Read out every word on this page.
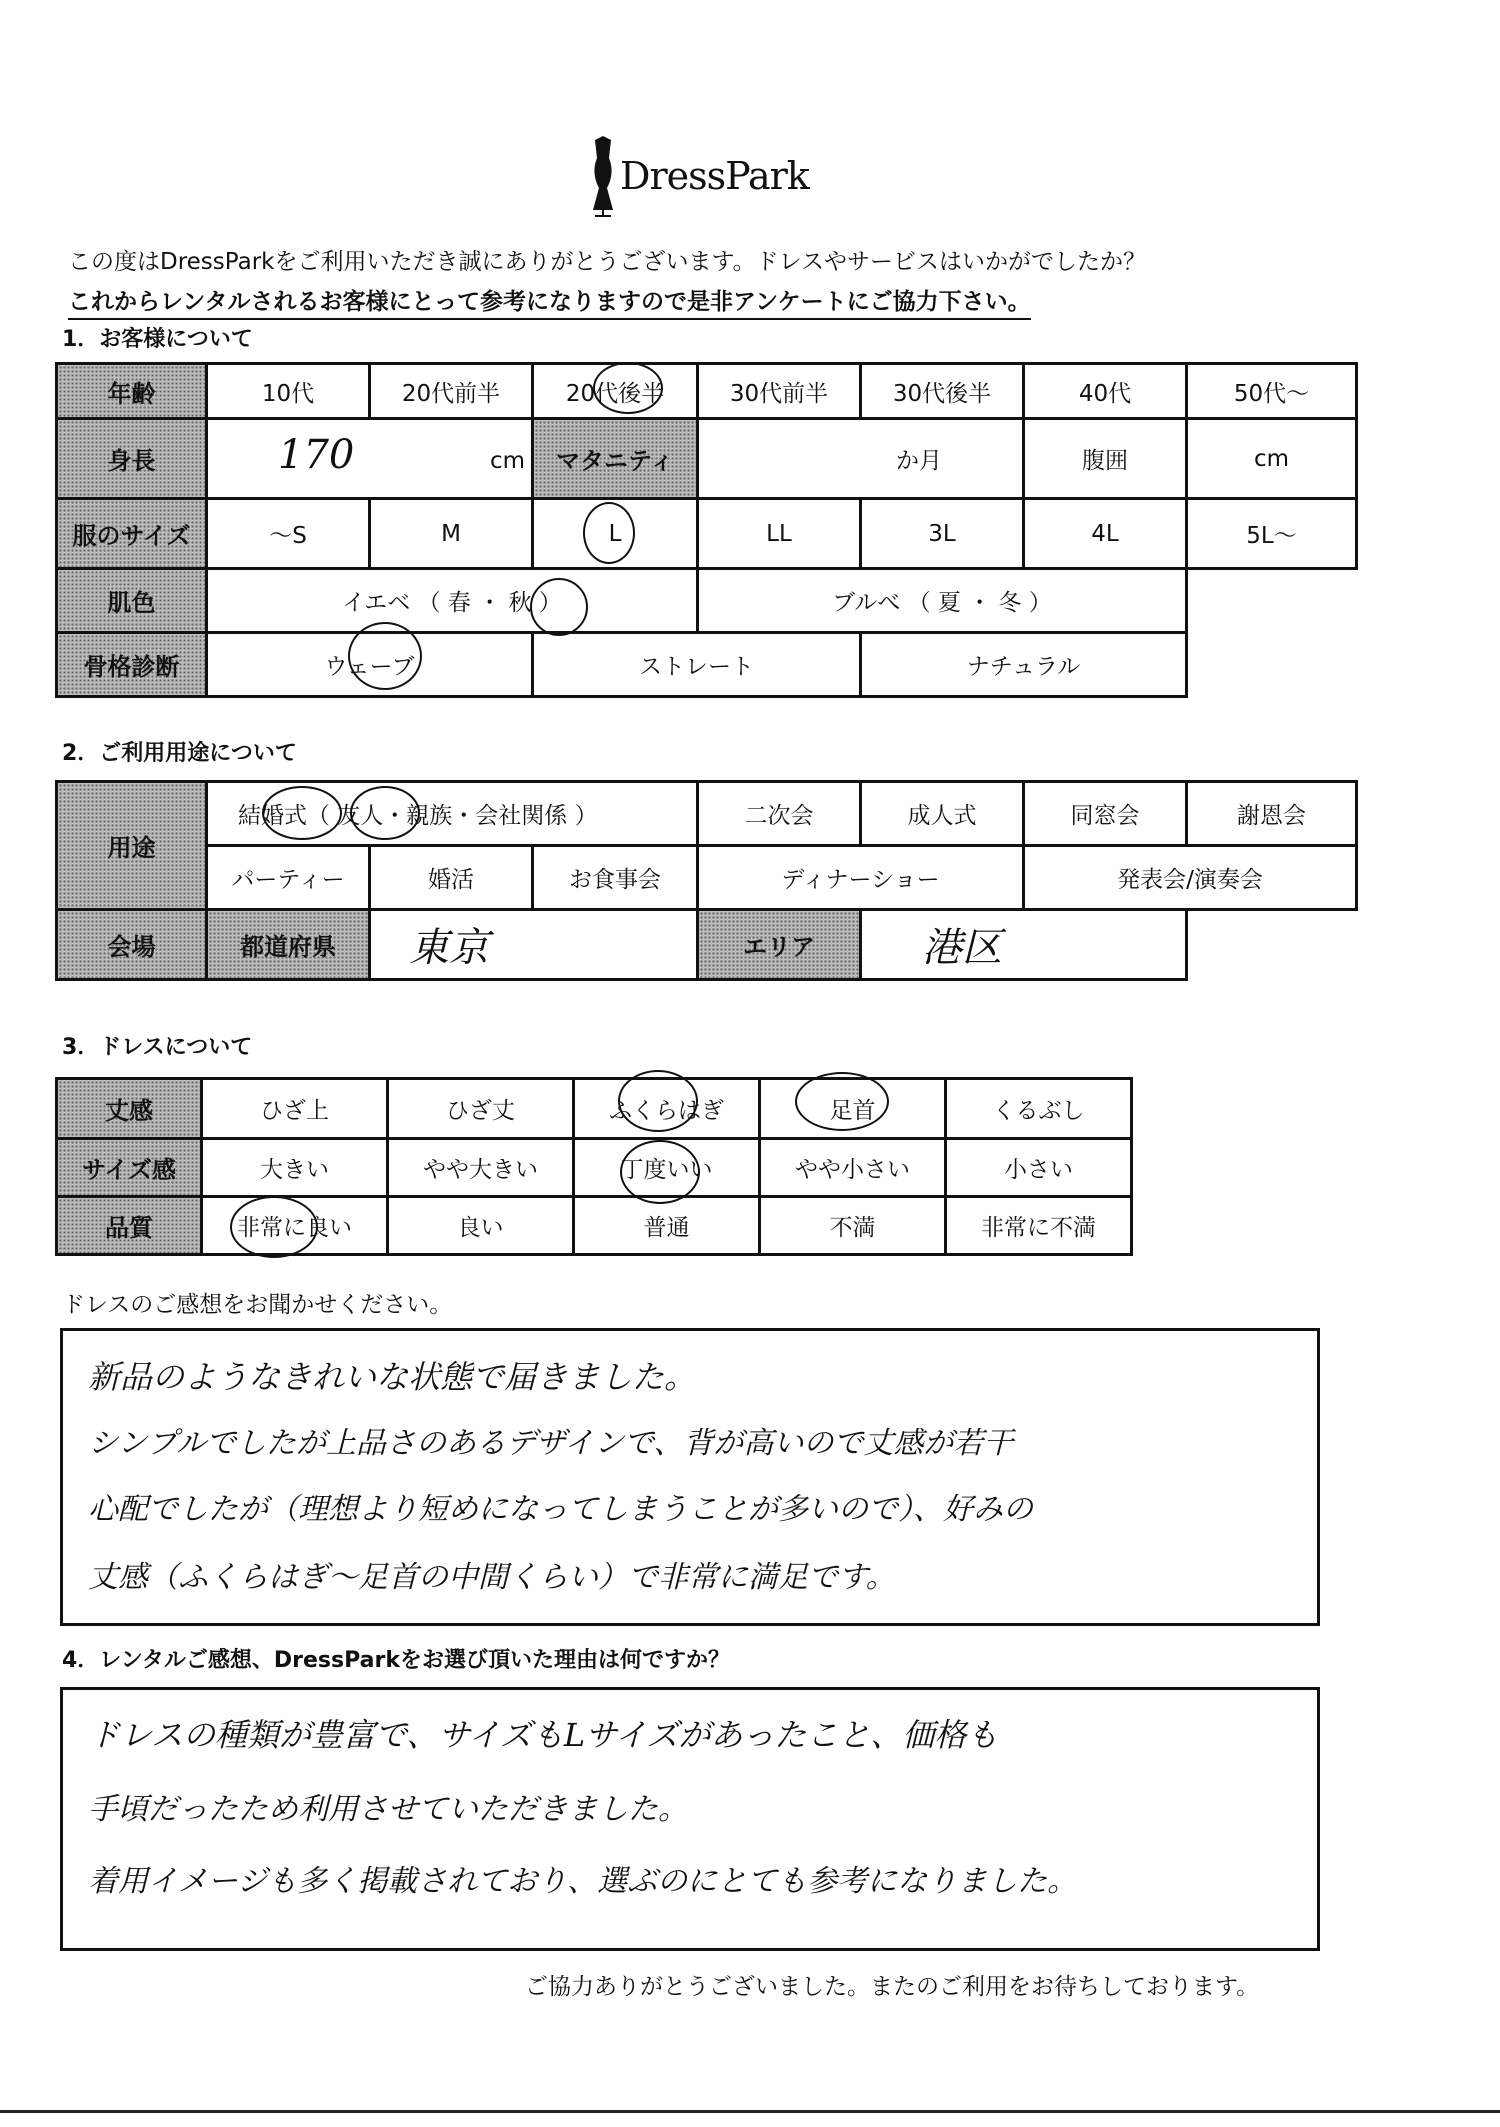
DressPark
この度はDressParkをご利用いただき誠にありがとうございます。ドレスやサービスはいかがでしたか？
これからレンタルされるお客様にとって参考になりますので是非アンケートにご協力下さい。
1．お客様について
年齢	10代	20代前半	20代後半	30代前半	30代後半	40代	50代～
身長	170 cm		マタニティ	か月		腹囲	cm
服のサイズ	～S	M	L	LL	3L	4L	5L～
肌色	イエベ （ 春 ・ 秋 ）			ブルべ （ 夏 ・ 冬 ）			
骨格診断	ウェーブ		ストレート		ナチュラル		
2．ご利用用途について
用途	結婚式（ 友人・親族・会社関係 ）			二次会	成人式	同窓会	謝恩会
	パーティー	婚活	お食事会	ディナーショー		発表会/演奏会	
会場	都道府県	東京		エリア	港区		
3．ドレスについて
丈感	ひざ上	ひざ丈	ふくらはぎ	足首	くるぶし
サイズ感	大きい	やや大きい	丁度いい	やや小さい	小さい
品質	非常に良い	良い	普通	不満	非常に不満
ドレスのご感想をお聞かせください。
新品のようなきれいな状態で届きました。
シンプルでしたが上品さのあるデザインで、背が高いので丈感が若干
心配でしたが（理想より短めになってしまうことが多いので）、好みの
丈感（ふくらはぎ～足首の中間くらい）で非常に満足です。
4．レンタルご感想、DressParkをお選び頂いた理由は何ですか？
ドレスの種類が豊富で、サイズもLサイズがあったこと、価格も
手頃だったため利用させていただきました。
着用イメージも多く掲載されており、選ぶのにとても参考になりました。
ご協力ありがとうございました。またのご利用をお待ちしております。
